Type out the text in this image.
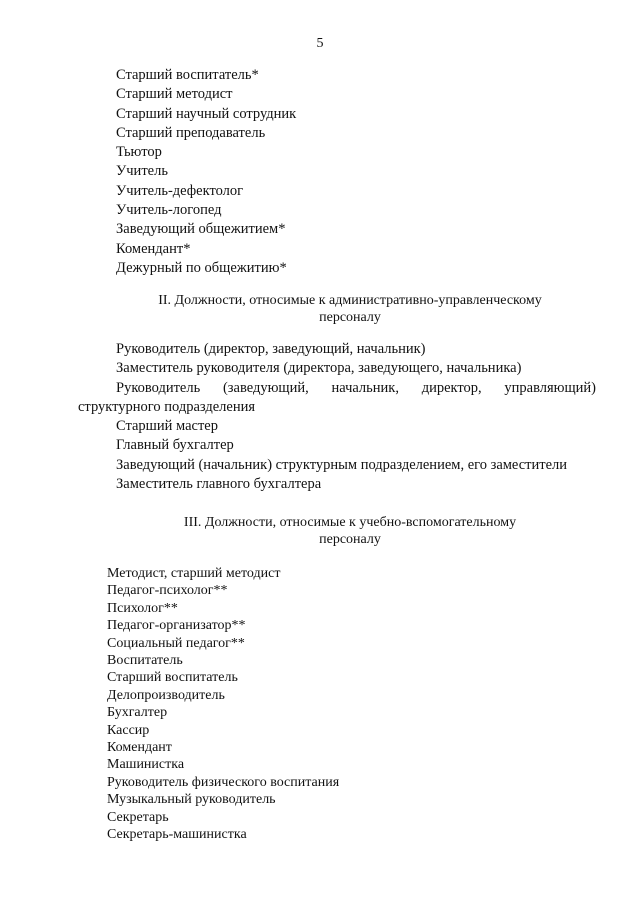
5
Старший воспитатель*
Старший методист
Старший научный сотрудник
Старший преподаватель
Тьютор
Учитель
Учитель-дефектолог
Учитель-логопед
Заведующий общежитием*
Комендант*
Дежурный по общежитию*
II. Должности, относимые к административно-управленческому
персоналу
Руководитель (директор, заведующий, начальник)
Заместитель руководителя (директора, заведующего, начальника)
Руководитель (заведующий, начальник, директор, управляющий)
структурного подразделения
Старший мастер
Главный бухгалтер
Заведующий (начальник) структурным подразделением, его заместители
Заместитель главного бухгалтера
III. Должности, относимые к учебно-вспомогательному
персоналу
Методист, старший методист
Педагог-психолог**
Психолог**
Педагог-организатор**
Социальный педагог**
Воспитатель
Старший воспитатель
Делопроизводитель
Бухгалтер
Кассир
Комендант
Машинистка
Руководитель физического воспитания
Музыкальный руководитель
Секретарь
Секретарь-машинистка
